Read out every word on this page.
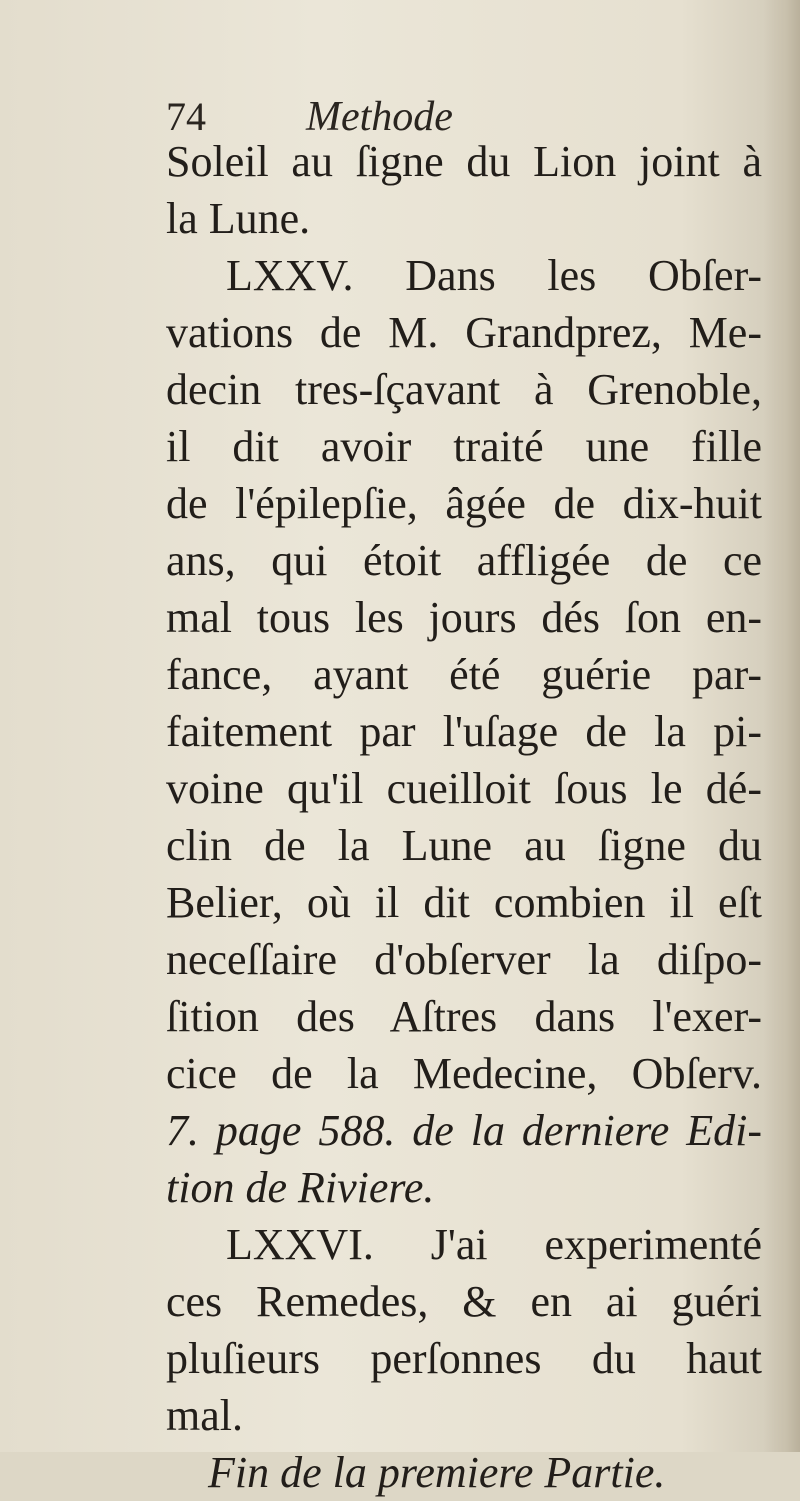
74 Methode
Soleil au ſigne du Lion joint à
la Lune.
LXXV. Dans les Obſer-
vations de M. Grandprez, Me-
decin tres-ſçavant à Grenoble,
il dit avoir traité une fille
de l'épilepſie, âgée de dix-huit
ans, qui étoit affligée de ce
mal tous les jours dés ſon en-
fance, ayant été guérie par-
faitement par l'uſage de la pi-
voine qu'il cueilloit ſous le dé-
clin de la Lune au ſigne du
Belier, où il dit combien il eſt
neceſſaire d'obſerver la diſpo-
ſition des Aſtres dans l'exer-
cice de la Medecine, Obſerv.
7. page 588. de la derniere Edi-
tion de Riviere.
LXXVI. J'ai experimenté
ces Remedes, & en ai guéri
pluſieurs perſonnes du haut
mal.
Fin de la premiere Partie.
